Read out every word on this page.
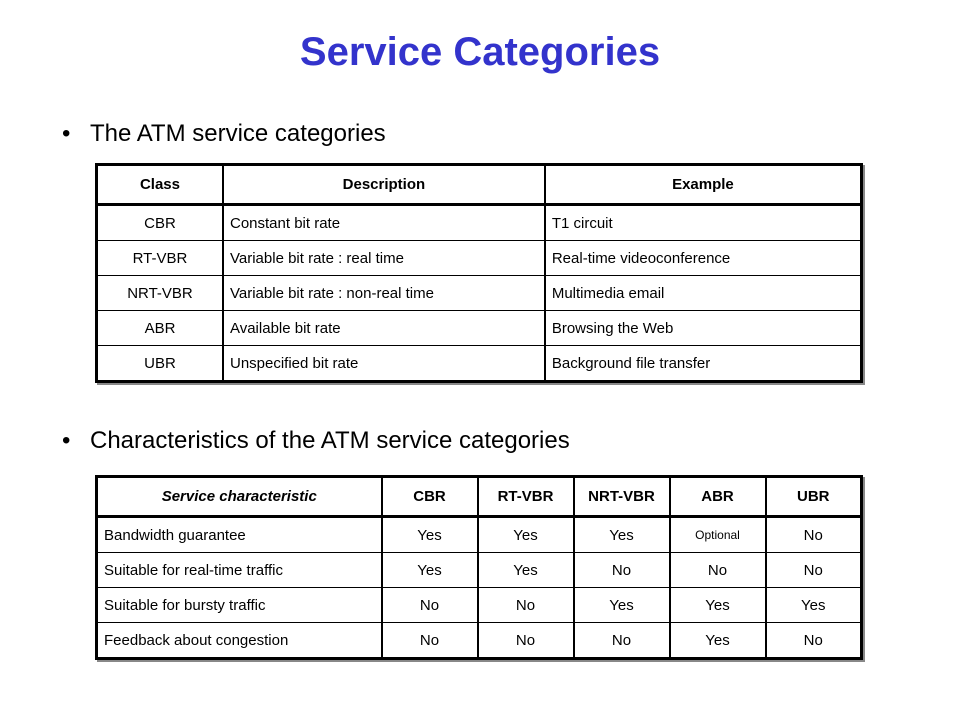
Service Categories
• The ATM service categories
Class	Description	Example
CBR	Constant bit rate	T1 circuit
RT-VBR	Variable bit rate : real time	Real-time videoconference
NRT-VBR	Variable bit rate : non-real time	Multimedia email
ABR	Available bit rate	Browsing the Web
UBR	Unspecified bit rate	Background file transfer
• Characteristics of the ATM service categories
Service characteristic	CBR	RT-VBR	NRT-VBR	ABR	UBR
Bandwidth guarantee	Yes	Yes	Yes	Optional	No
Suitable for real-time traffic	Yes	Yes	No	No	No
Suitable for bursty traffic	No	No	Yes	Yes	Yes
Feedback about congestion	No	No	No	Yes	No
